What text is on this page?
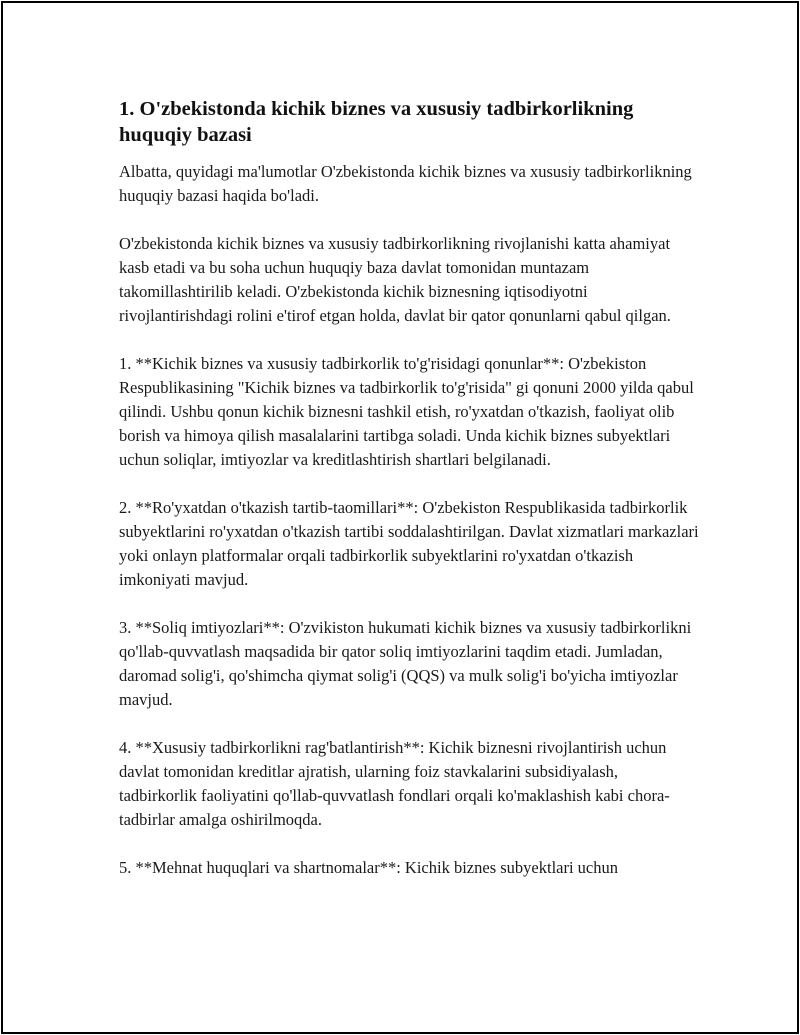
1. O'zbekistonda kichik biznes va xususiy tadbirkorlikning huquqiy bazasi

Albatta, quyidagi ma'lumotlar O'zbekistonda kichik biznes va xususiy tadbirkorlikning huquqiy bazasi haqida bo'ladi.

O'zbekistonda kichik biznes va xususiy tadbirkorlikning rivojlanishi katta ahamiyat kasb etadi va bu soha uchun huquqiy baza davlat tomonidan muntazam takomillashtirilib keladi. O'zbekistonda kichik biznesning iqtisodiyotni rivojlantirishdagi rolini e'tirof etgan holda, davlat bir qator qonunlarni qabul qilgan.

1. **Kichik biznes va xususiy tadbirkorlik to'g'risidagi qonunlar**: O'zbekiston Respublikasining "Kichik biznes va tadbirkorlik to'g'risida" gi qonuni 2000 yilda qabul qilindi. Ushbu qonun kichik biznesni tashkil etish, ro'yxatdan o'tkazish, faoliyat olib borish va himoya qilish masalalarini tartibga soladi. Unda kichik biznes subyektlari uchun soliqlar, imtiyozlar va kreditlashtirish shartlari belgilanadi.

2. **Ro'yxatdan o'tkazish tartib-taomillari**: O'zbekiston Respublikasida tadbirkorlik subyektlarini ro'yxatdan o'tkazish tartibi soddalashtirilgan. Davlat xizmatlari markazlari yoki onlayn platformalar orqali tadbirkorlik subyektlarini ro'yxatdan o'tkazish imkoniyati mavjud.

3. **Soliq imtiyozlari**: O'zvikiston hukumati kichik biznes va xususiy tadbirkorlikni qo'llab-quvvatlash maqsadida bir qator soliq imtiyozlarini taqdim etadi. Jumladan, daromad solig'i, qo'shimcha qiymat solig'i (QQS) va mulk solig'i bo'yicha imtiyozlar mavjud.

4. **Xususiy tadbirkorlikni rag'batlantirish**: Kichik biznesni rivojlantirish uchun davlat tomonidan kreditlar ajratish, ularning foiz stavkalarini subsidiyalash, tadbirkorlik faoliyatini qo'llab-quvvatlash fondlari orqali ko'maklashish kabi chora-tadbirlar amalga oshirilmoqda.

5. **Mehnat huquqlari va shartnomalar**: Kichik biznes subyektlari uchun
